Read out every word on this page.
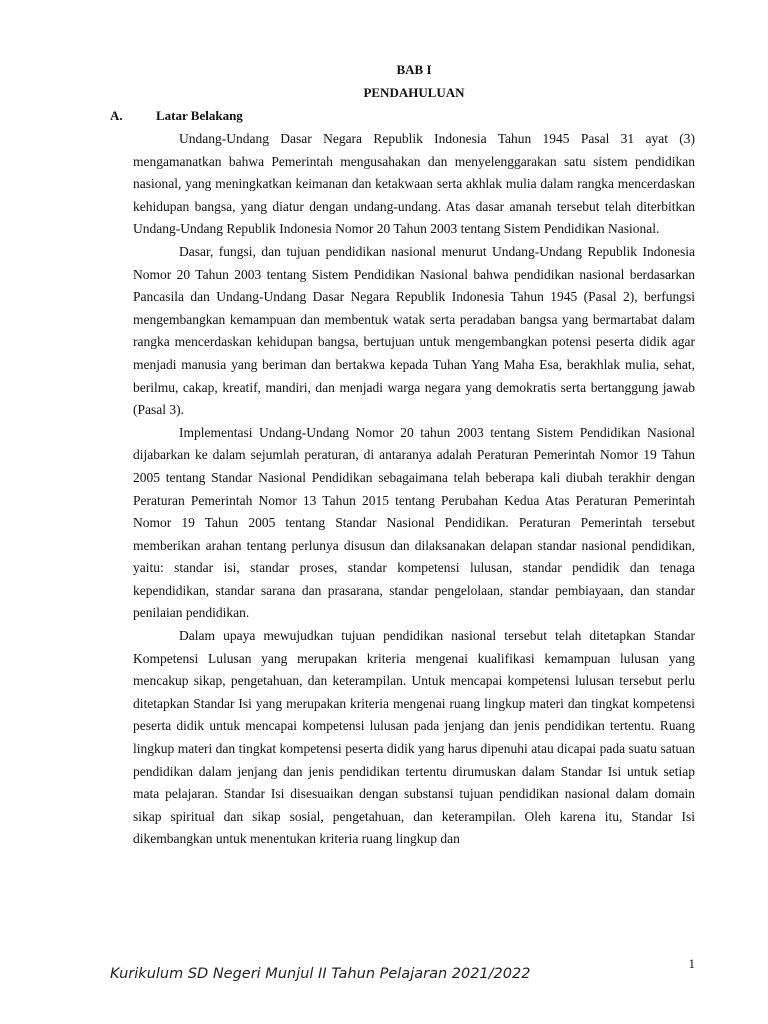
BAB I
PENDAHULUAN
A.	Latar Belakang

Undang-Undang Dasar Negara Republik Indonesia Tahun 1945 Pasal 31 ayat (3) mengamanatkan bahwa Pemerintah mengusahakan dan menyelenggarakan satu sistem pendidikan nasional, yang meningkatkan keimanan dan ketakwaan serta akhlak mulia dalam rangka mencerdaskan kehidupan bangsa, yang diatur dengan undang-undang. Atas dasar amanah tersebut telah diterbitkan Undang-Undang Republik Indonesia Nomor 20 Tahun 2003 tentang Sistem Pendidikan Nasional.

Dasar, fungsi, dan tujuan pendidikan nasional menurut Undang-Undang Republik Indonesia Nomor 20 Tahun 2003 tentang Sistem Pendidikan Nasional bahwa pendidikan nasional berdasarkan Pancasila dan Undang-Undang Dasar Negara Republik Indonesia Tahun 1945 (Pasal 2), berfungsi mengembangkan kemampuan dan membentuk watak serta peradaban bangsa yang bermartabat dalam rangka mencerdaskan kehidupan bangsa, bertujuan untuk mengembangkan potensi peserta didik agar menjadi manusia yang beriman dan bertakwa kepada Tuhan Yang Maha Esa, berakhlak mulia, sehat, berilmu, cakap, kreatif, mandiri, dan menjadi warga negara yang demokratis serta bertanggung jawab (Pasal 3).

Implementasi Undang-Undang Nomor 20 tahun 2003 tentang Sistem Pendidikan Nasional dijabarkan ke dalam sejumlah peraturan, di antaranya adalah Peraturan Pemerintah Nomor 19 Tahun 2005 tentang Standar Nasional Pendidikan sebagaimana telah beberapa kali diubah terakhir dengan Peraturan Pemerintah Nomor 13 Tahun 2015 tentang Perubahan Kedua Atas Peraturan Pemerintah Nomor 19 Tahun 2005 tentang Standar Nasional Pendidikan. Peraturan Pemerintah tersebut memberikan arahan tentang perlunya disusun dan dilaksanakan delapan standar nasional pendidikan, yaitu: standar isi, standar proses, standar kompetensi lulusan, standar pendidik dan tenaga kependidikan, standar sarana dan prasarana, standar pengelolaan, standar pembiayaan, dan standar penilaian pendidikan.

Dalam upaya mewujudkan tujuan pendidikan nasional tersebut telah ditetapkan Standar Kompetensi Lulusan yang merupakan kriteria mengenai kualifikasi kemampuan lulusan yang mencakup sikap, pengetahuan, dan keterampilan. Untuk mencapai kompetensi lulusan tersebut perlu ditetapkan Standar Isi yang merupakan kriteria mengenai ruang lingkup materi dan tingkat kompetensi peserta didik untuk mencapai kompetensi lulusan pada jenjang dan jenis pendidikan tertentu. Ruang lingkup materi dan tingkat kompetensi peserta didik yang harus dipenuhi atau dicapai pada suatu satuan pendidikan dalam jenjang dan jenis pendidikan tertentu dirumuskan dalam Standar Isi untuk setiap mata pelajaran. Standar Isi disesuaikan dengan substansi tujuan pendidikan nasional dalam domain sikap spiritual dan sikap sosial, pengetahuan, dan keterampilan. Oleh karena itu, Standar Isi dikembangkan untuk menentukan kriteria ruang lingkup dan

1
Kurikulum SD Negeri Munjul II Tahun Pelajaran 2021/2022
